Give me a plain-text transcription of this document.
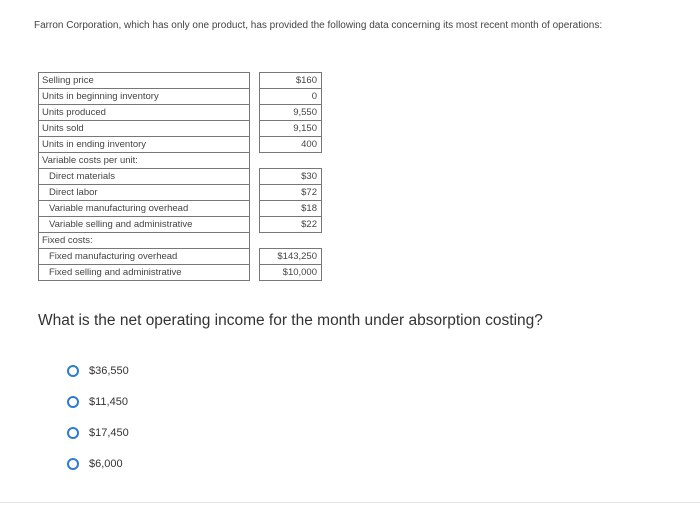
Farron Corporation, which has only one product, has provided the following data concerning its most recent month of operations:
Selling price		$160
Units in beginning inventory		0
Units produced		9,550
Units sold		9,150
Units in ending inventory		400
Variable costs per unit:		
Direct materials		$30
Direct labor		$72
Variable manufacturing overhead		$18
Variable selling and administrative		$22
Fixed costs:		
Fixed manufacturing overhead		$143,250
Fixed selling and administrative		$10,000
What is the net operating income for the month under absorption costing?
$36,550
$11,450
$17,450
$6,000
